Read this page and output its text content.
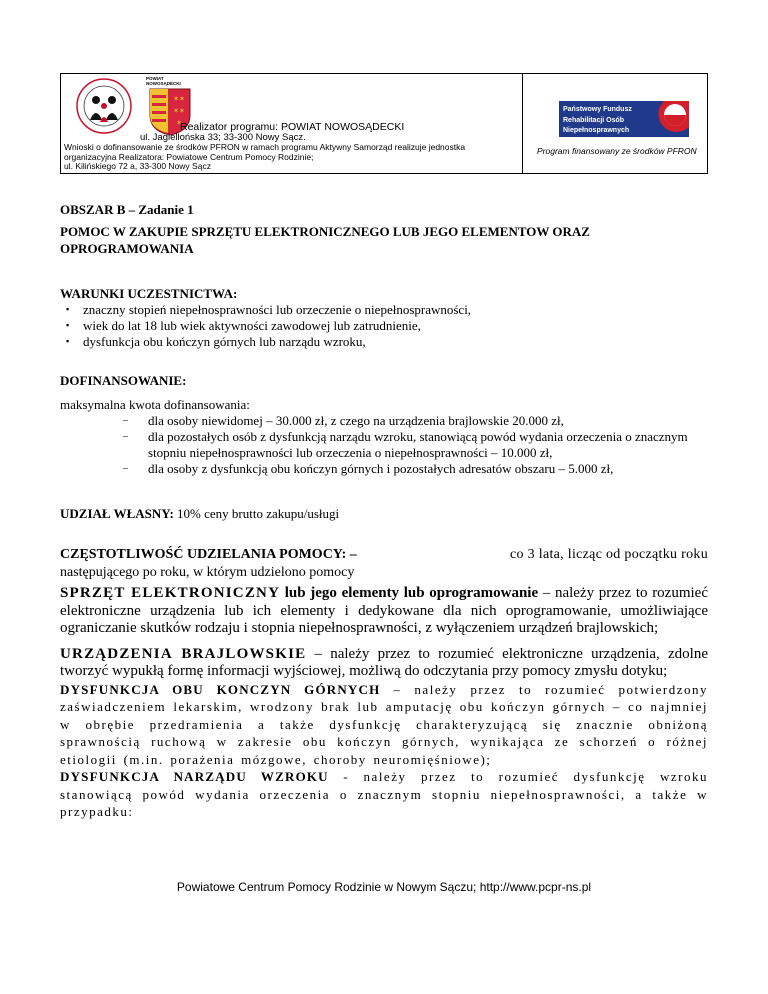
POWIAT NOWOSĄDECKI
✶✶
✶✶
✶
Realizator programu: POWIAT NOWOSĄDECKI
ul. Jagiellońska 33; 33-300 Nowy Sącz.
Wnioski o dofinansowanie ze środków PFRON w ramach programu Aktywny Samorząd realizuje jednostka
organizacyjna Realizatora: Powiatowe Centrum Pomocy Rodzinie;
ul. Kilińskiego 72 a, 33-300 Nowy Sącz
Państwowy Fundusz
Rehabilitacji Osób
Niepełnosprawnych
Program finansowany ze środków PFRON
OBSZAR B – Zadanie 1
POMOC W ZAKUPIE SPRZĘTU ELEKTRONICZNEGO LUB JEGO ELEMENTOW ORAZ OPROGRAMOWANIA
WARUNKI UCZESTNICTWA:
▪ znaczny stopień niepełnosprawności lub orzeczenie o niepełnosprawności,
▪ wiek do lat 18 lub wiek aktywności zawodowej lub zatrudnienie,
▪ dysfunkcja obu kończyn górnych lub narządu wzroku,
DOFINANSOWANIE:
maksymalna kwota dofinansowania:
– dla osoby niewidomej – 30.000 zł, z czego na urządzenia brajlowskie 20.000 zł,
– dla pozostałych osób z dysfunkcją narządu wzroku, stanowiącą powód wydania orzeczenia o znacznym stopniu niepełnosprawności lub orzeczenia o niepełnosprawności – 10.000 zł,
– dla osoby z dysfunkcją obu kończyn górnych i pozostałych adresatów obszaru – 5.000 zł,
UDZIAŁ WŁASNY: 10% ceny brutto zakupu/usługi
CZĘSTOTLIWOŚĆ UDZIELANIA POMOCY: –	co 3 lata, licząc od początku roku
następującego po roku, w którym udzielono pomocy

SPRZĘT ELEKTRONICZNY lub jego elementy lub oprogramowanie – należy przez to rozumieć elektroniczne urządzenia lub ich elementy i dedykowane dla nich oprogramowanie, umożliwiające ograniczanie skutków rodzaju i stopnia niepełnosprawności, z wyłączeniem urządzeń brajlowskich;

URZĄDZENIA BRAJLOWSKIE – należy przez to rozumieć elektroniczne urządzenia, zdolne tworzyć wypukłą formę informacji wyjściowej, możliwą do odczytania przy pomocy zmysłu dotyku;

DYSFUNKCJA OBU KONCZYN GÓRNYCH – należy przez to rozumieć potwierdzony zaświadczeniem lekarskim, wrodzony brak lub amputację obu kończyn górnych – co najmniej w obrębie przedramienia a także dysfunkcję charakteryzującą się znacznie obniżoną sprawnością ruchową w zakresie obu kończyn górnych, wynikająca ze schorzeń o różnej etiologii (m.in. porażenia mózgowe, choroby neuromięśniowe);

DYSFUNKCJA NARZĄDU WZROKU - należy przez to rozumieć dysfunkcję wzroku stanowiącą powód wydania orzeczenia o znacznym stopniu niepełnosprawności, a także w przypadku:

Powiatowe Centrum Pomocy Rodzinie w Nowym Sączu; http://www.pcpr-ns.pl
